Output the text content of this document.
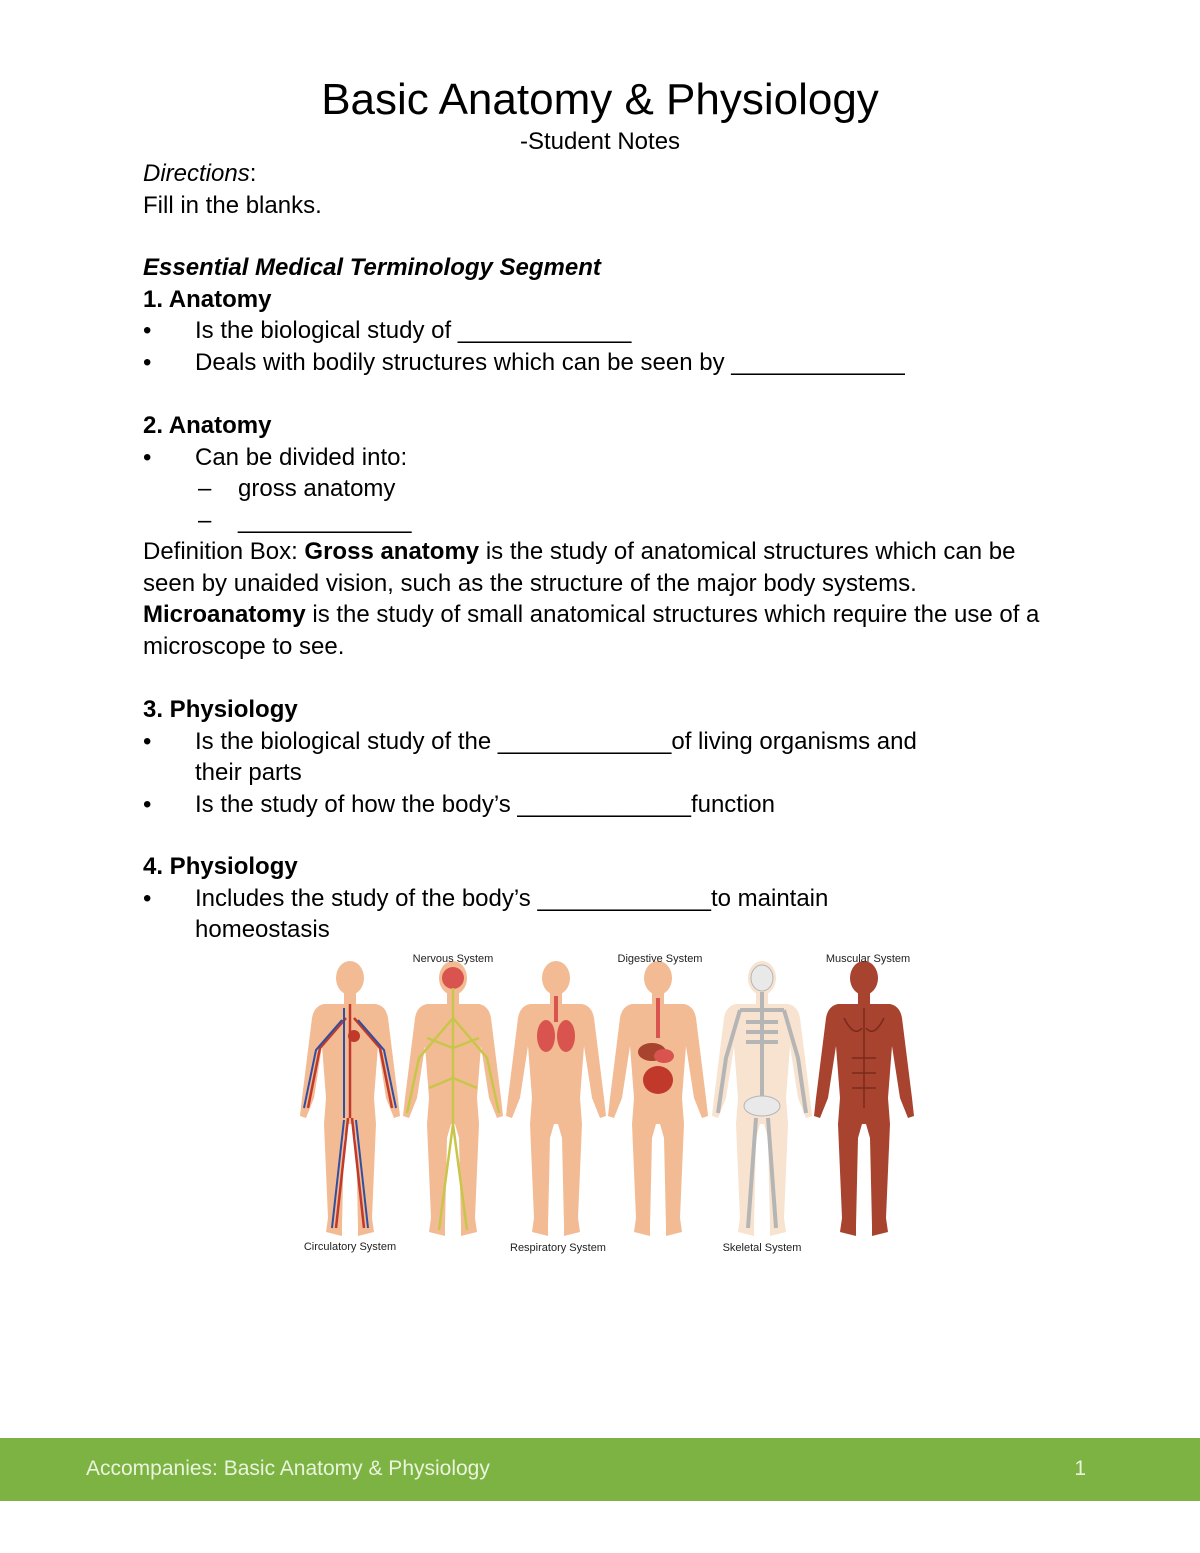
Basic Anatomy & Physiology
-Student Notes
Directions:
Fill in the blanks.
Essential Medical Terminology Segment
1. Anatomy
• Is the biological study of _____________
• Deals with bodily structures which can be seen by _____________
2. Anatomy
• Can be divided into:
– gross anatomy
– _____________
Definition Box: Gross anatomy is the study of anatomical structures which can be seen by unaided vision, such as the structure of the major body systems. Microanatomy is the study of small anatomical structures which require the use of a microscope to see.
3. Physiology
• Is the biological study of the _____________of living organisms and
their parts
• Is the study of how the body’s _____________function
4. Physiology
• Includes the study of the body’s _____________to maintain
homeostasis
Nervous System	Digestive System	Muscular System
Circulatory System	Respiratory System	Skeletal System
Accompanies: Basic Anatomy & Physiology	1
